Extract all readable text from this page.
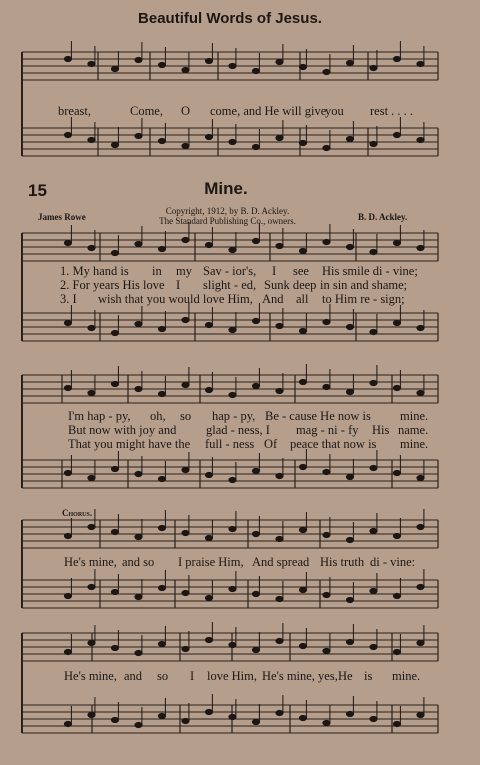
Beautiful Words of Jesus.
breast,	Come, O come, and He will give
you rest . . . .
15	Mine.
James Rowe
Copyright, 1912, by B. D. Ackley.
The Standard Publishing Co., owners.	B. D. Ackley.
1. My hand is in my Sav - ior's, I see His smile di - vine;
2. For years His love I slight - ed, Sunk deep in sin and shame;
3. I wish that you would love Him, And all to Him re - sign;
I'm hap - py, oh, so hap - py, Be - cause He now is mine.
But now with joy and glad - ness, I mag - ni - fy His name.
That you might have the full - ness Of peace that now is mine.
Chorus.
He's mine, and so I praise Him, And spread His truth di - vine:
He's mine, and so I love Him, He's mine, yes, He is mine.
